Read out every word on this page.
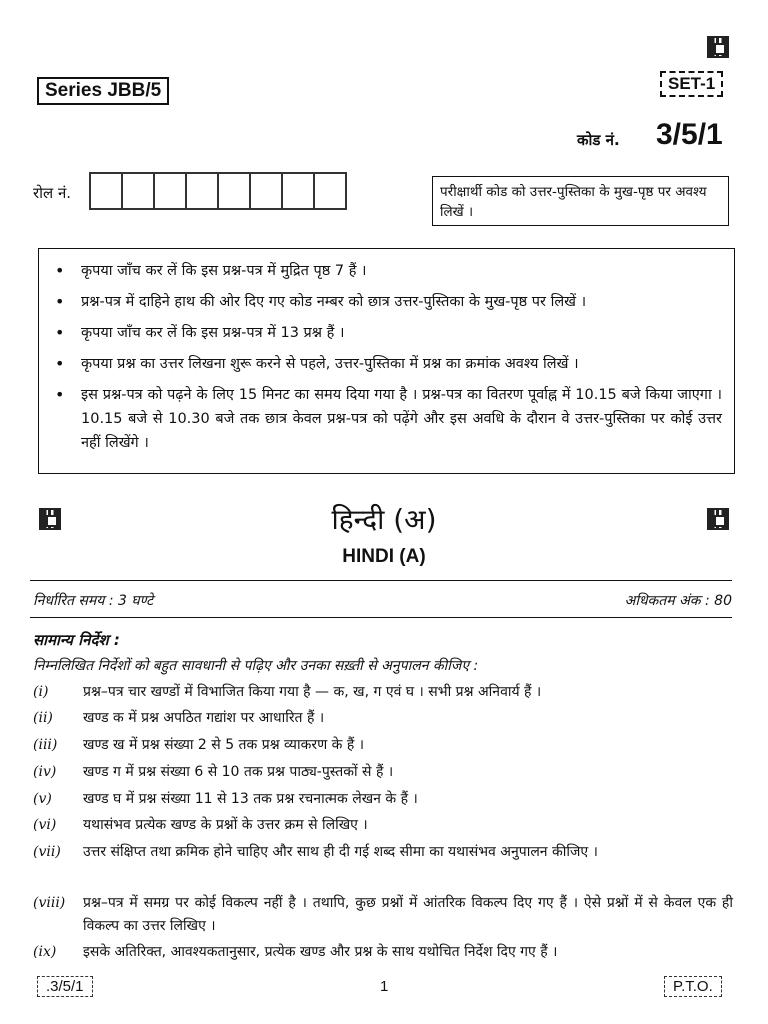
Series JBB/5	SET-1
कोड नं. 3/5/1
रोल नं.	परीक्षार्थी कोड को उत्तर-पुस्तिका के मुख-पृष्ठ पर अवश्य लिखें ।
• कृपया जाँच कर लें कि इस प्रश्न-पत्र में मुद्रित पृष्ठ 7 हैं ।
• प्रश्न-पत्र में दाहिने हाथ की ओर दिए गए कोड नम्बर को छात्र उत्तर-पुस्तिका के मुख-पृष्ठ पर लिखें ।
• कृपया जाँच कर लें कि इस प्रश्न-पत्र में 13 प्रश्न हैं ।
• कृपया प्रश्न का उत्तर लिखना शुरू करने से पहले, उत्तर-पुस्तिका में प्रश्न का क्रमांक अवश्य लिखें ।
• इस प्रश्न-पत्र को पढ़ने के लिए 15 मिनट का समय दिया गया है । प्रश्न-पत्र का वितरण पूर्वाह्न में 10.15 बजे किया जाएगा । 10.15 बजे से 10.30 बजे तक छात्र केवल प्रश्न-पत्र को पढ़ेंगे और इस अवधि के दौरान वे उत्तर-पुस्तिका पर कोई उत्तर नहीं लिखेंगे ।
हिन्दी (अ)
HINDI (A)
निर्धारित समय : 3 घण्टे	अधिकतम अंक : 80
सामान्य निर्देश :
निम्नलिखित निर्देशों को बहुत सावधानी से पढ़िए और उनका सख़्ती से अनुपालन कीजिए :
(i)	प्रश्न–पत्र चार खण्डों में विभाजित किया गया है — क, ख, ग एवं घ । सभी प्रश्न अनिवार्य हैं ।
(ii)	खण्ड क में प्रश्न अपठित गद्यांश पर आधारित हैं ।
(iii)	खण्ड ख में प्रश्न संख्या 2 से 5 तक प्रश्न व्याकरण के हैं ।
(iv)	खण्ड ग में प्रश्न संख्या 6 से 10 तक प्रश्न पाठ्य-पुस्तकों से हैं ।
(v)	खण्ड घ में प्रश्न संख्या 11 से 13 तक प्रश्न रचनात्मक लेखन के हैं ।
(vi)	यथासंभव प्रत्येक खण्ड के प्रश्नों के उत्तर क्रम से लिखिए ।
(vii)	उत्तर संक्षिप्त तथा क्रमिक होने चाहिए और साथ ही दी गई शब्द सीमा का यथासंभव अनुपालन कीजिए ।
(viii)	प्रश्न–पत्र में समग्र पर कोई विकल्प नहीं है । तथापि, कुछ प्रश्नों में आंतरिक विकल्प दिए गए हैं । ऐसे प्रश्नों में से केवल एक ही विकल्प का उत्तर लिखिए ।
(ix)	इसके अतिरिक्त, आवश्यकतानुसार, प्रत्येक खण्ड और प्रश्न के साथ यथोचित निर्देश दिए गए हैं ।
.3/5/1	1	P.T.O.
